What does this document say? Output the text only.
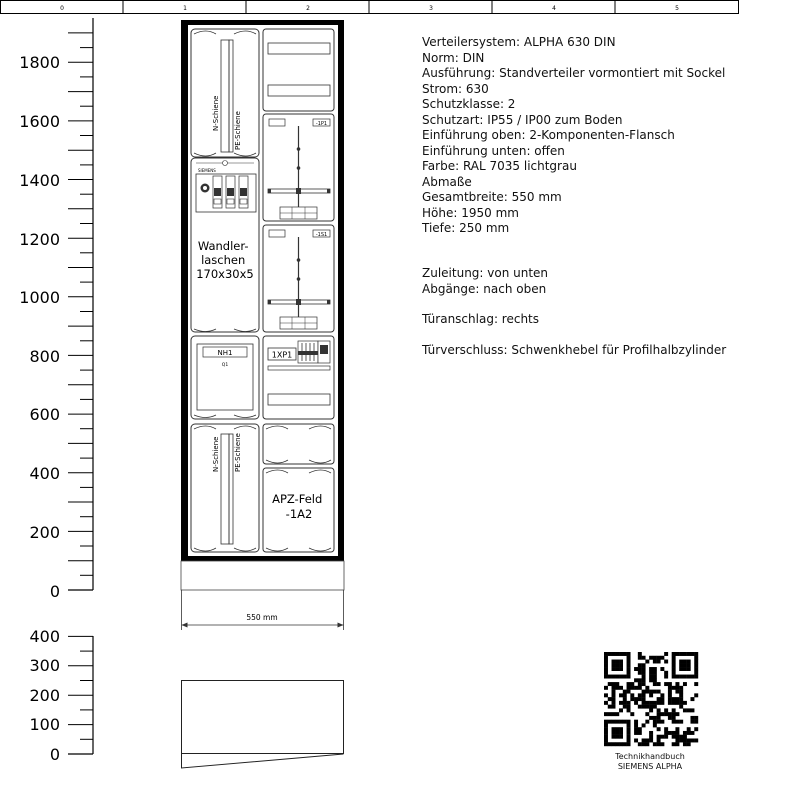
0	1	2	3	4	5
1800
1600
1400
1200
1000
800
600
400
200
0
400
300
200
100
0
N-Schiene PE-Schiene
SIEMENS
Wandler- laschen 170x30x5
NH1
Q1
N-Schiene PE-Schiene
-1P1
-1S1
1XP1
APZ-Feld -1A2
550 mm
Verteilersystem: ALPHA 630 DIN
Norm: DIN
Ausführung: Standverteiler vormontiert mit Sockel
Strom: 630
Schutzklasse: 2
Schutzart: IP55 / IP00 zum Boden
Einführung oben: 2-Komponenten-Flansch
Einführung unten: offen
Farbe: RAL 7035 lichtgrau
Abmaße
Gesamtbreite: 550 mm
Höhe: 1950 mm
Tiefe: 250 mm
Zuleitung: von unten
Abgänge: nach oben
Türanschlag: rechts
Türverschluss: Schwenkhebel für Profilhalbzylinder
Technikhandbuch
SIEMENS ALPHA
